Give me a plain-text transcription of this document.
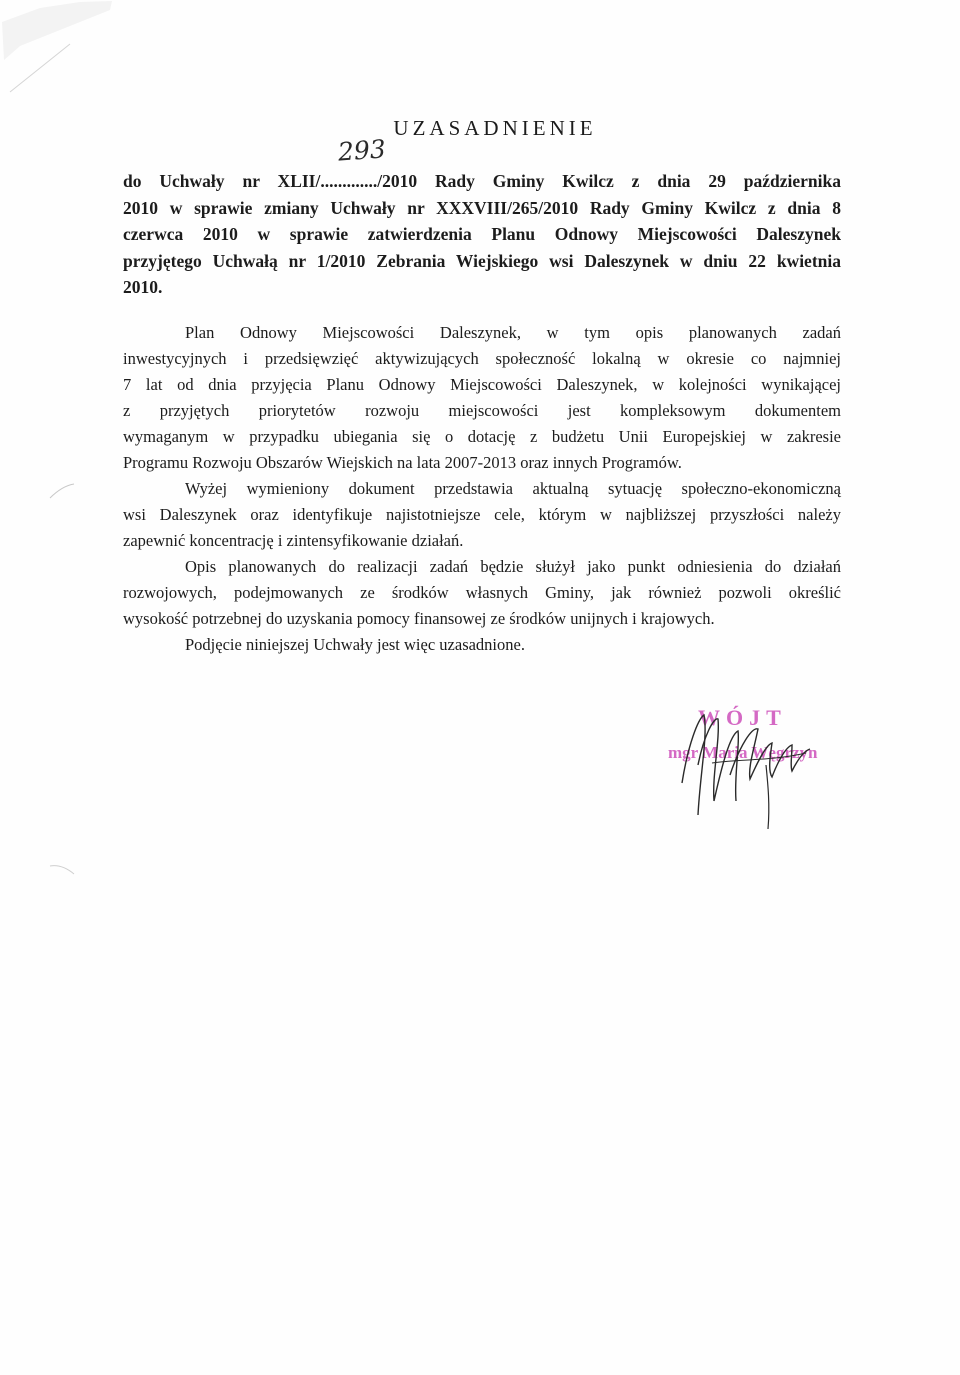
UZASADNIENIE
293
do Uchwały nr XLII/............./2010 Rady Gminy Kwilcz z dnia 29 października
2010 w sprawie zmiany Uchwały nr XXXVIII/265/2010 Rady Gminy Kwilcz z dnia 8
czerwca 2010 w sprawie zatwierdzenia Planu Odnowy Miejscowości Daleszynek
przyjętego Uchwałą nr 1/2010 Zebrania Wiejskiego wsi Daleszynek w dniu 22 kwietnia
2010.
Plan Odnowy Miejscowości Daleszynek, w tym opis planowanych zadań
inwestycyjnych i przedsięwzięć aktywizujących społeczność lokalną w okresie co najmniej
7 lat od dnia przyjęcia Planu Odnowy Miejscowości Daleszynek, w kolejności wynikającej
z przyjętych priorytetów rozwoju miejscowości jest kompleksowym dokumentem
wymaganym w przypadku ubiegania się o dotację z budżetu Unii Europejskiej w zakresie
Programu Rozwoju Obszarów Wiejskich na lata 2007-2013 oraz innych Programów.
Wyżej wymieniony dokument przedstawia aktualną sytuację społeczno-ekonomiczną
wsi Daleszynek oraz identyfikuje najistotniejsze cele, którym w najbliższej przyszłości należy
zapewnić koncentrację i zintensyfikowanie działań.
Opis planowanych do realizacji zadań będzie służył jako punkt odniesienia do działań
rozwojowych, podejmowanych ze środków własnych Gminy, jak również pozwoli określić
wysokość potrzebnej do uzyskania pomocy finansowej ze środków unijnych i krajowych.
Podjęcie niniejszej Uchwały jest więc uzasadnione.
WÓJT
mgr Maria Węgrzyn
